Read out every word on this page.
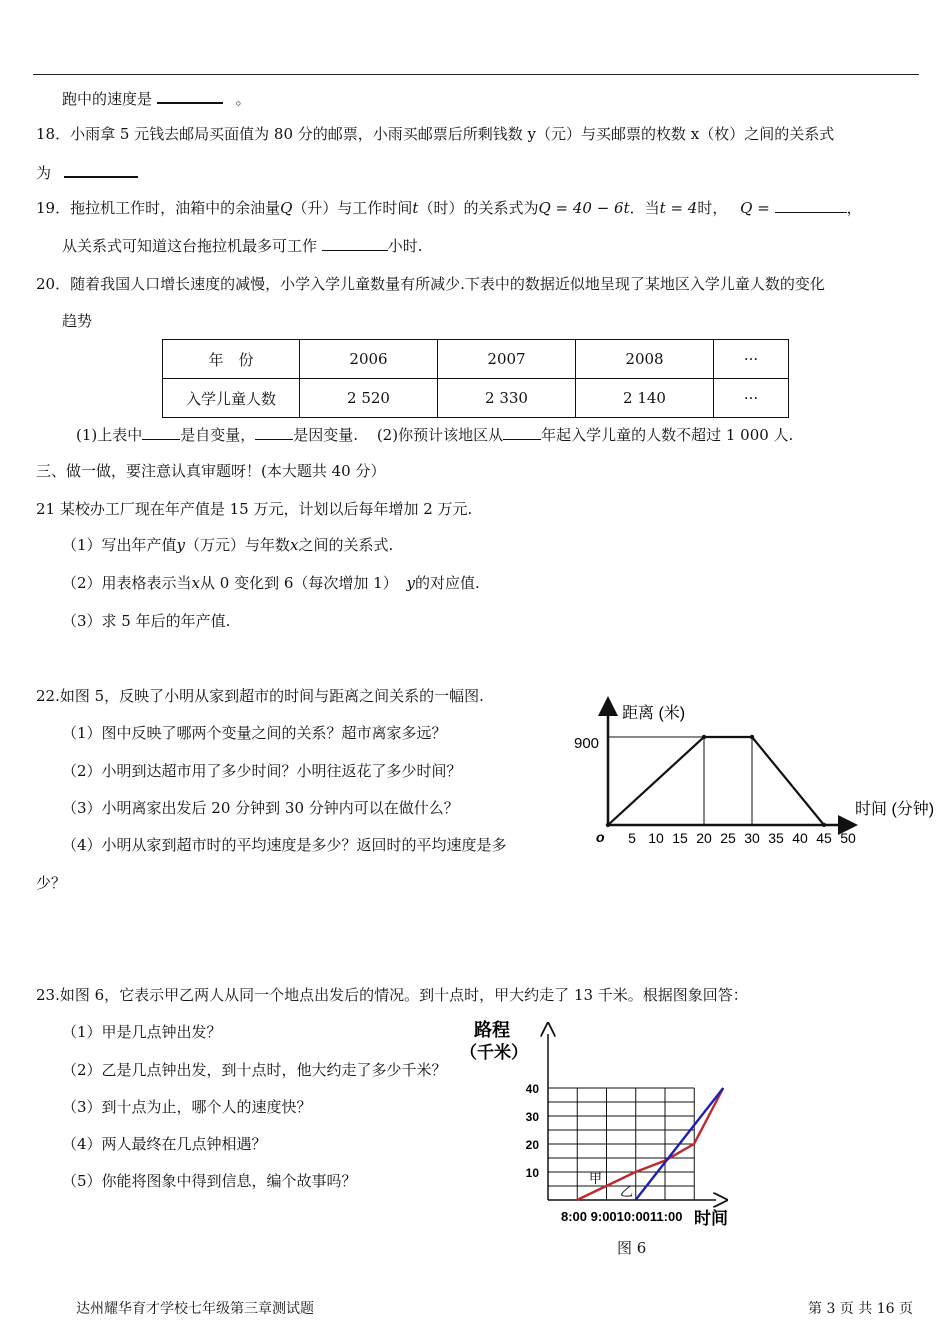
跑中的速度是	。
18．小雨拿 5 元钱去邮局买面值为 80 分的邮票，小雨买邮票后所剩钱数 y（元）与买邮票的枚数 x（枚）之间的关系式
为
19．拖拉机工作时，油箱中的余油量Q（升）与工作时间t（时）的关系式为Q = 40 − 6t．当t = 4时， Q =	，
从关系式可知道这台拖拉机最多可工作	小时.
20．随着我国人口增长速度的减慢，小学入学儿童数量有所减少.下表中的数据近似地呈现了某地区入学儿童人数的变化
趋势
年　份	2006	2007	2008	···
入学儿童人数	2 520	2 330	2 140	···
(1)上表中	是自变量，	是因变量. (2)你预计该地区从	年起入学儿童的人数不超过 1 000 人.
三、做一做，要注意认真审题呀！(本大题共 40 分）
21 某校办工厂现在年产值是 15 万元，计划以后每年增加 2 万元.
（1）写出年产值y（万元）与年数x之间的关系式.
（2）用表格表示当x从 0 变化到 6（每次增加 1） y的对应值.
（3）求 5 年后的年产值.
22.如图 5，反映了小明从家到超市的时间与距离之间关系的一幅图.
（1）图中反映了哪两个变量之间的关系？超市离家多远？
（2）小明到达超市用了多少时间？小明往返花了多少时间？
（3）小明离家出发后 20 分钟到 30 分钟内可以在做什么？
（4）小明从家到超市时的平均速度是多少？返回时的平均速度是多
少？
距离 (米)
时间 (分钟)
o
900
5 10 15 20 25 30 35 40 45 50
路程
（千米）
10
20
30
40
8:00 9:0010:0011:00 时间
甲
乙
23.如图 6，它表示甲乙两人从同一个地点出发后的情况。到十点时，甲大约走了 13 千米。根据图象回答：
（1）甲是几点钟出发？
（2）乙是几点钟出发，到十点时，他大约走了多少千米？
（3）到十点为止，哪个人的速度快？
（4）两人最终在几点钟相遇？
（5）你能将图象中得到信息，编个故事吗？
图 6
达州耀华育才学校七年级第三章测试题	第 3 页 共 16 页
